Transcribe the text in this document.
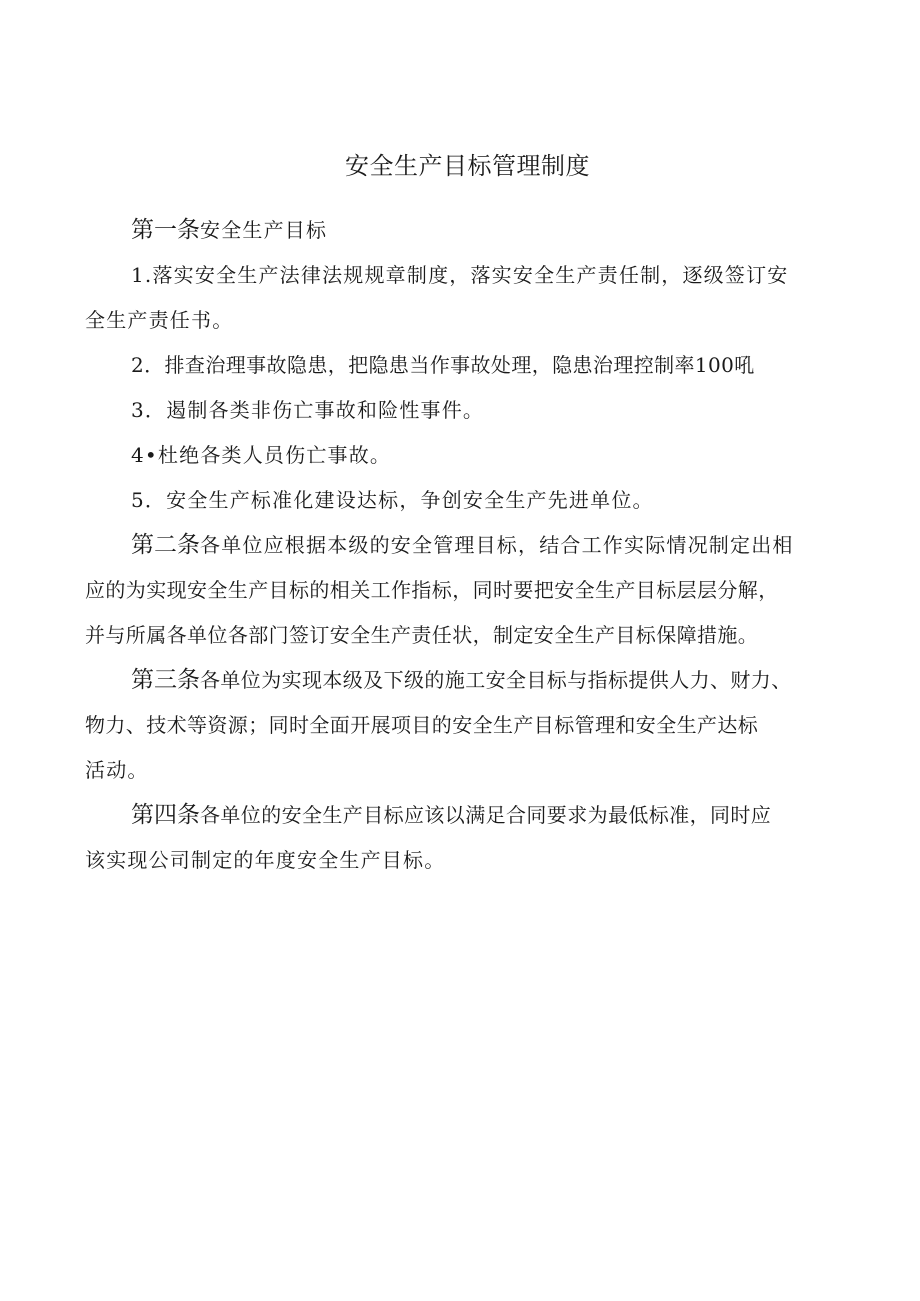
安全生产目标管理制度
第一条安全生产目标
1.落实安全生产法律法规规章制度，落实安全生产责任制，逐级签订安
全生产责任书。
2．排查治理事故隐患，把隐患当作事故处理，隐患治理控制率100吼
3．遏制各类非伤亡事故和险性事件。
4•杜绝各类人员伤亡事故。
5．安全生产标准化建设达标，争创安全生产先进单位。
第二条各单位应根据本级的安全管理目标，结合工作实际情况制定出相
应的为实现安全生产目标的相关工作指标，同时要把安全生产目标层层分解，
并与所属各单位各部门签订安全生产责任状，制定安全生产目标保障措施。
第三条各单位为实现本级及下级的施工安全目标与指标提供人力、财力、
物力、技术等资源；同时全面开展项目的安全生产目标管理和安全生产达标
活动。
第四条各单位的安全生产目标应该以满足合同要求为最低标准，同时应
该实现公司制定的年度安全生产目标。
